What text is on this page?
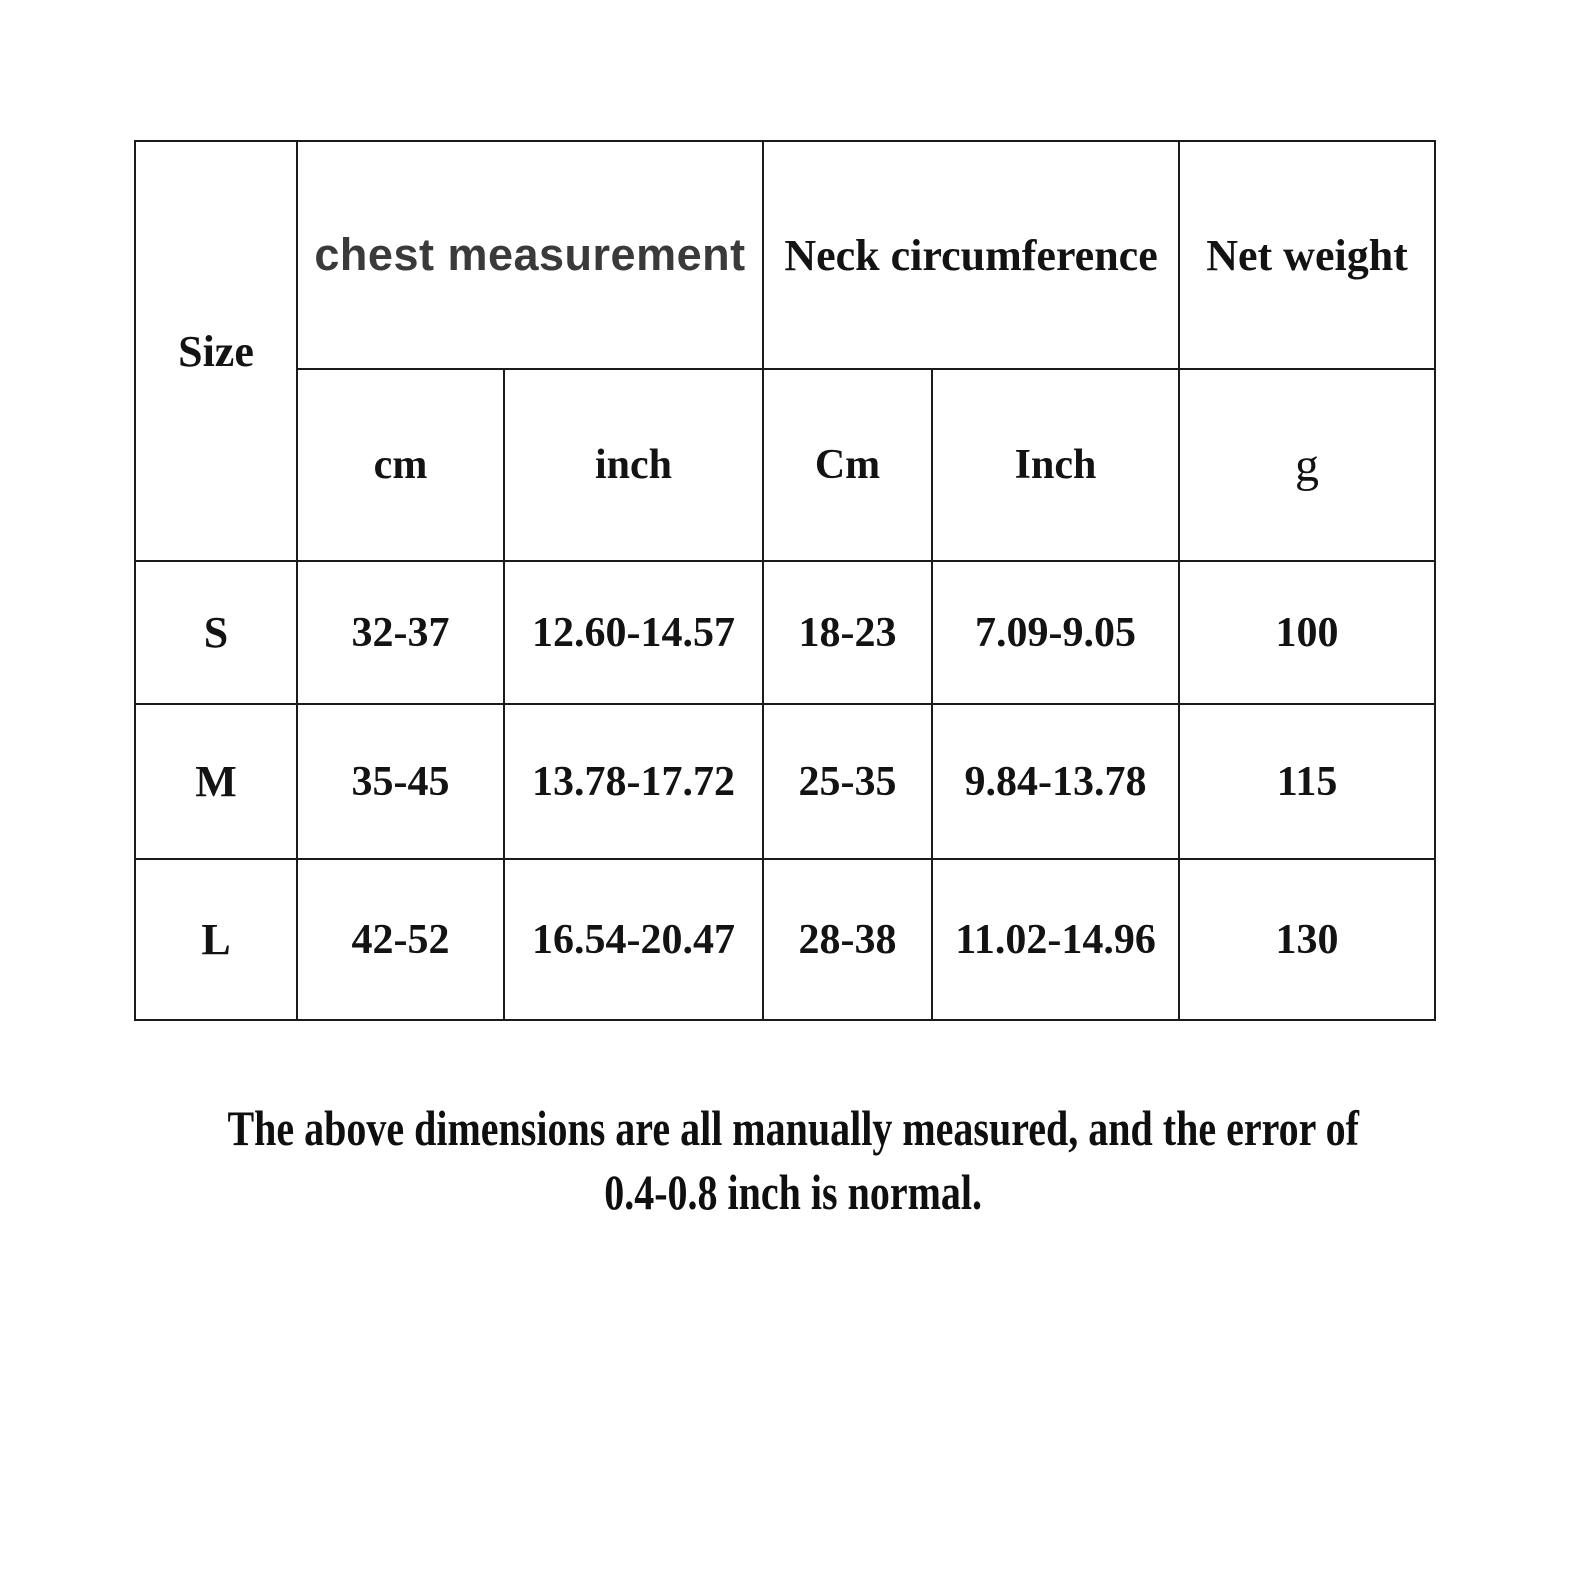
Size	chest measurement		Neck circumference		Net weight
	cm	inch	Cm	Inch	g
S	32-37	12.60-14.57	18-23	7.09-9.05	100
M	35-45	13.78-17.72	25-35	9.84-13.78	115
L	42-52	16.54-20.47	28-38	11.02-14.96	130
The above dimensions are all manually measured, and the error of
0.4-0.8 inch is normal.
